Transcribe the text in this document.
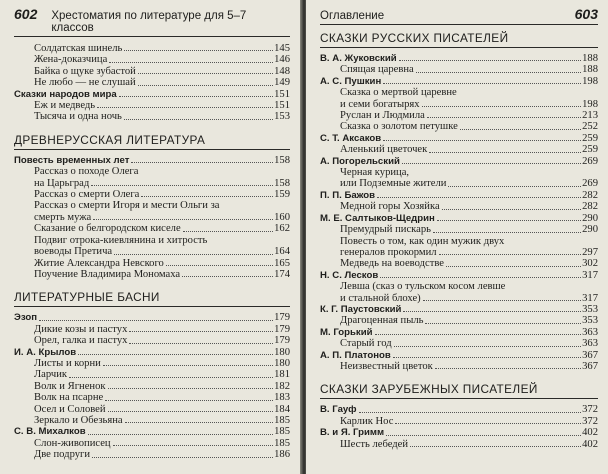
602 Хрестоматия по литературе для 5–7 классов
Солдатская шинель	145
Жена-доказчица	146
Байка о щуке зубастой	148
Не любо — не слушай	149
Сказки народов мира	151
Еж и медведь	151
Тысяча и одна ночь	153
ДРЕВНЕРУССКАЯ ЛИТЕРАТУРА
Повесть временных лет	158
Рассказ о походе Олега
на Царьград	158
Рассказ о смерти Олега	159
Рассказ о смерти Игоря и мести Ольги за
смерть мужа	160
Сказание о белгородском киселе	162
Подвиг отрока-киевлянина и хитрость
воеводы Претича	164
Житие Александра Невского	165
Поучение Владимира Мономаха	174
ЛИТЕРАТУРНЫЕ БАСНИ
Эзоп	179
Дикие козы и пастух	179
Орел, галка и пастух	179
И. А. Крылов	180
Листы и корни	180
Ларчик	181
Волк и Ягненок	182
Волк на псарне	183
Осел и Соловей	184
Зеркало и Обезьяна	185
С. В. Михалков	185
Слон-живописец	185
Две подруги	186
Оглавление	603
СКАЗКИ РУССКИХ ПИСАТЕЛЕЙ
В. А. Жуковский	188
Спящая царевна	188
А. С. Пушкин	198
Сказка о мертвой царевне
и семи богатырях	198
Руслан и Людмила	213
Сказка о золотом петушке	252
С. Т. Аксаков	259
Аленький цветочек	259
А. Погорельский	269
Черная курица,
или Подземные жители	269
П. П. Бажов	282
Медной горы Хозяйка	282
М. Е. Салтыков-Щедрин	290
Премудрый пискарь	290
Повесть о том, как один мужик двух
генералов прокормил	297
Медведь на воеводстве	302
Н. С. Лесков	317
Левша (сказ о тульском косом левше
и стальной блохе)	317
К. Г. Паустовский	353
Драгоценная пыль	353
М. Горький	363
Старый год	363
А. П. Платонов	367
Неизвестный цветок	367
СКАЗКИ ЗАРУБЕЖНЫХ ПИСАТЕЛЕЙ
В. Гауф	372
Карлик Нос	372
В. и Я. Гримм	402
Шесть лебедей	402
